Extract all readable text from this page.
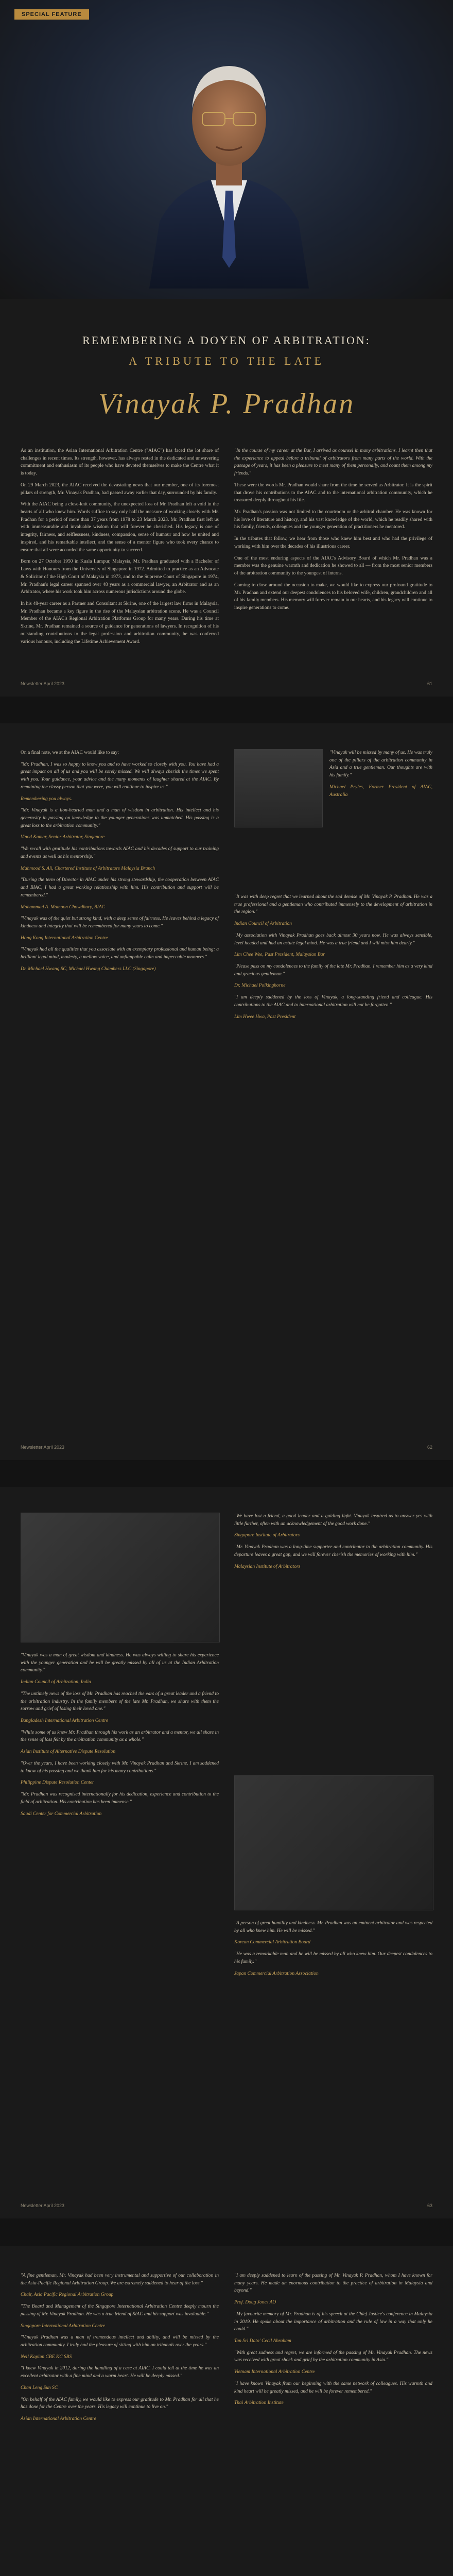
SPECIAL FEATURE
REMEMBERING A DOYEN OF ARBITRATION:
A TRIBUTE TO THE LATE
Vinayak P. Pradhan

As an institution, the Asian International Arbitration Centre ("AIAC") has faced the lot share of challenges in recent times. Its strength, however, has always rested in the dedicated and unwavering commitment and enthusiasm of its people who have devoted themselves to make the Centre what it is today.

On 29 March 2023, the AIAC received the devastating news that our member, one of its foremost pillars of strength, Mr. Vinayak Pradhan, had passed away earlier that day, surrounded by his family.

With the AIAC being a close-knit community, the unexpected loss of Mr. Pradhan left a void in the hearts of all who knew him. Words suffice to say only half the measure of working closely with Mr. Pradhan for a period of more than 37 years from 1978 to 23 March 2023. Mr. Pradhan first left us with immeasurable and invaluable wisdom that will forever be cherished. His legacy is one of integrity, fairness, and selflessness, kindness, compassion, sense of humour and how he united and inspired, and his remarkable intellect, and the sense of a mentor figure who took every chance to ensure that all were accorded the same opportunity to succeed.

Born on 27 October 1950 in Kuala Lumpur, Malaysia, Mr. Pradhan graduated with a Bachelor of Laws with Honours from the University of Singapore in 1972. Admitted to practice as an Advocate & Solicitor of the High Court of Malaysia in 1973, and to the Supreme Court of Singapore in 1974, Mr. Pradhan's legal career spanned over 48 years as a commercial lawyer, an Arbitrator and as an Arbitrator, where his work took him across numerous jurisdictions around the globe.

In his 48-year career as a Partner and Consultant at Skrine, one of the largest law firms in Malaysia, Mr. Pradhan became a key figure in the rise of the Malaysian arbitration scene. He was a Council Member of the AIAC's Regional Arbitration Platforms Group for many years. During his time at Skrine, Mr. Pradhan remained a source of guidance for generations of lawyers. In recognition of his outstanding contributions to the legal profession and arbitration community, he was conferred various honours, including the Lifetime Achievement Award.

"In the course of my career at the Bar, I arrived as counsel in many arbitrations. I learnt then that the experience to appeal before a tribunal of arbitrators from many parts of the world. With the passage of years, it has been a pleasure to meet many of them personally, and count them among my friends."

These were the words Mr. Pradhan would share from the time he served as Arbitrator. It is the spirit that drove his contributions to the AIAC and to the international arbitration community, which he treasured deeply throughout his life.

Mr. Pradhan's passion was not limited to the courtroom or the arbitral chamber. He was known for his love of literature and history, and his vast knowledge of the world, which he readily shared with his family, friends, colleagues and the younger generation of practitioners he mentored.

In the tributes that follow, we hear from those who knew him best and who had the privilege of working with him over the decades of his illustrious career.

One of the most enduring aspects of the AIAC's Advisory Board of which Mr. Pradhan was a member was the genuine warmth and dedication he showed to all — from the most senior members of the arbitration community to the youngest of interns.

Coming to close around the occasion to make, we would like to express our profound gratitude to Mr. Pradhan and extend our deepest condolences to his beloved wife, children, grandchildren and all of his family members. His memory will forever remain in our hearts, and his legacy will continue to inspire generations to come.

Newsletter April 2023	61

On a final note, we at the AIAC would like to say:

"Mr. Pradhan, I was so happy to know you and to have worked so closely with you. You have had a great impact on all of us and you will be sorely missed. We will always cherish the times we spent with you. Your guidance, your advice and the many moments of laughter shared at the AIAC. By remaining the classy person that you were, you will continue to inspire us."

Remembering you always.

"Mr. Vinayak is a lion-hearted man and a man of wisdom in arbitration. His intellect and his generosity in passing on knowledge to the younger generations was unmatched. His passing is a great loss to the arbitration community."

Vinod Kumar, Senior Arbitrator, Singapore

"We recall with gratitude his contributions towards AIAC and his decades of support to our training and events as well as his mentorship."

Mahmood S. Ali, Chartered Institute of Arbitrators Malaysia Branch

"During the term of Director in AIAC under his strong stewardship, the cooperation between AIAC and BIAC, I had a great working relationship with him. His contribution and support will be remembered."

Mohammad A. Mamoon Chowdhury, BIAC

"Vinayak was of the quiet but strong kind, with a deep sense of fairness. He leaves behind a legacy of kindness and integrity that will be remembered for many years to come."

Hong Kong International Arbitration Centre

"Vinayak had all the qualities that you associate with an exemplary professional and human being: a brilliant legal mind, modesty, a mellow voice, and unflappable calm and impeccable manners."

Dr. Michael Hwang SC, Michael Hwang Chambers LLC (Singapore)

"Vinayak will be missed by many of us. He was truly one of the pillars of the arbitration community in Asia and a true gentleman. Our thoughts are with his family."

Michael Pryles, Former President of AIAC, Australia

"It was with deep regret that we learned about the sad demise of Mr. Vinayak P. Pradhan. He was a true professional and a gentleman who contributed immensely to the development of arbitration in the region."

Indian Council of Arbitration

"My association with Vinayak Pradhan goes back almost 30 years now. He was always sensible, level headed and had an astute legal mind. He was a true friend and I will miss him dearly."

Lim Chee Wee, Past President, Malaysian Bar

"Please pass on my condolences to the family of the late Mr. Pradhan. I remember him as a very kind and gracious gentleman."

Dr. Michael Polkinghorne

"I am deeply saddened by the loss of Vinayak, a long-standing friend and colleague. His contributions to the AIAC and to international arbitration will not be forgotten."

Lim Hwee Hwa, Past President

Newsletter April 2023	62

"Vinayak was a man of great wisdom and kindness. He was always willing to share his experience with the younger generation and he will be greatly missed by all of us at the Indian Arbitration community."

Indian Council of Arbitration, India

"The untimely news of the loss of Mr. Pradhan has reached the ears of a great leader and a friend to the arbitration industry. In the family members of the late Mr. Pradhan, we share with them the sorrow and grief of losing their loved one."

Bangladesh International Arbitration Centre

"While some of us knew Mr. Pradhan through his work as an arbitrator and a mentor, we all share in the sense of loss felt by the arbitration community as a whole."

Asian Institute of Alternative Dispute Resolution

"Over the years, I have been working closely with Mr. Vinayak Pradhan and Skrine. I am saddened to know of his passing and we thank him for his many contributions."

Philippine Dispute Resolution Center

"Mr. Pradhan was recognised internationally for his dedication, experience and contribution to the field of arbitration. His contribution has been immense."

Saudi Center for Commercial Arbitration

"We have lost a friend, a good leader and a guiding light. Vinayak inspired us to answer yes with little further, often with an acknowledgement of the good work done."

Singapore Institute of Arbitrators

"Mr. Vinayak Pradhan was a long-time supporter and contributor to the arbitration community. His departure leaves a great gap, and we will forever cherish the memories of working with him."

Malaysian Institute of Arbitrators

"A person of great humility and kindness. Mr. Pradhan was an eminent arbitrator and was respected by all who knew him. He will be missed."

Korean Commercial Arbitration Board

"He was a remarkable man and he will be missed by all who knew him. Our deepest condolences to his family."

Japan Commercial Arbitration Association

Newsletter April 2023	63

"A fine gentleman, Mr. Vinayak had been very instrumental and supportive of our collaboration in the Asia-Pacific Regional Arbitration Group. We are extremely saddened to hear of the loss."

Chair, Asia Pacific Regional Arbitration Group

"The Board and Management of the Singapore International Arbitration Centre deeply mourn the passing of Mr. Vinayak Pradhan. He was a true friend of SIAC and his support was invaluable."

Singapore International Arbitration Centre

"Vinayak Pradhan was a man of tremendous intellect and ability, and will be missed by the arbitration community. I truly had the pleasure of sitting with him on tribunals over the years."

Neil Kaplan CBE KC SBS

"I knew Vinayak in 2012, during the handling of a case at AIAC. I could tell at the time he was an excellent arbitrator with a fine mind and a warm heart. He will be deeply missed."

Chan Leng Sun SC

"On behalf of the AIAC family, we would like to express our gratitude to Mr. Pradhan for all that he has done for the Centre over the years. His legacy will continue to live on."

Asian International Arbitration Centre

"I am deeply saddened to learn of the passing of Mr. Vinayak P. Pradhan, whom I have known for many years. He made an enormous contribution to the practice of arbitration in Malaysia and beyond."

Prof. Doug Jones AO

"My favourite memory of Mr. Pradhan is of his speech at the Chief Justice's conference in Malaysia in 2019. He spoke about the importance of arbitration and the rule of law in a way that only he could."

Tan Sri Dato' Cecil Abraham

"With great sadness and regret, we are informed of the passing of Mr. Vinayak Pradhan. The news was received with great shock and grief by the arbitration community in Asia."

Vietnam International Arbitration Centre

"I have known Vinayak from our beginning with the same network of colleagues. His warmth and kind heart will be greatly missed, and he will be forever remembered."

Thai Arbitration Institute
